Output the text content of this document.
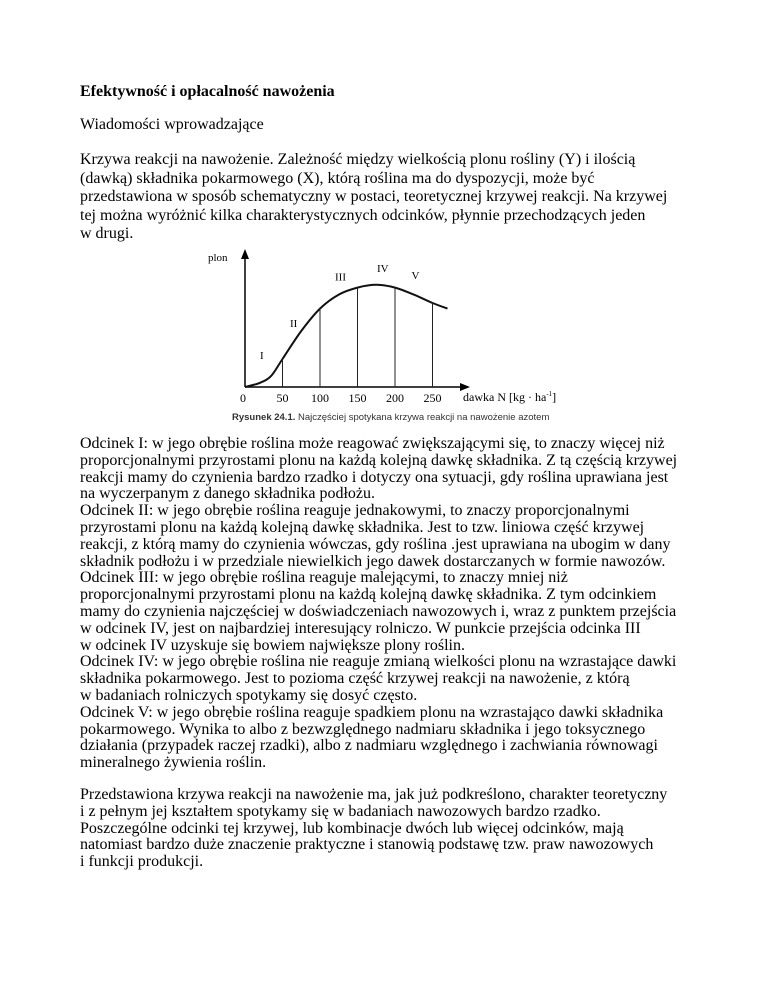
Efektywność i opłacalność nawożenia
Wiadomości wprowadzające
Krzywa reakcji na nawożenie. Zależność między wielkością plonu rośliny (Y) i ilością
(dawką) składnika pokarmowego (X), którą roślina ma do dyspozycji, może być
przedstawiona w sposób schematyczny w postaci, teoretycznej krzywej reakcji. Na krzywej
tej można wyróżnić kilka charakterystycznych odcinków, płynnie przechodzących jeden
w drugi.
I
II
III
IV
V
plon
0	50 100 150 200 250 dawka N $[kg \cdot ha^{-1}]$
Rysunek 24.1. Najczęściej spotykana krzywa reakcji na nawożenie azotem
Odcinek I: w jego obrębie roślina może reagować zwiększającymi się, to znaczy więcej niż
proporcjonalnymi przyrostami plonu na każdą kolejną dawkę składnika. Z tą częścią krzywej
reakcji mamy do czynienia bardzo rzadko i dotyczy ona sytuacji, gdy roślina uprawiana jest
na wyczerpanym z danego składnika podłożu.
Odcinek II: w jego obrębie roślina reaguje jednakowymi, to znaczy proporcjonalnymi
przyrostami plonu na każdą kolejną dawkę składnika. Jest to tzw. liniowa część krzywej
reakcji, z którą mamy do czynienia wówczas, gdy roślina .jest uprawiana na ubogim w dany
składnik podłożu i w przedziale niewielkich jego dawek dostarczanych w formie nawozów.
Odcinek III: w jego obrębie roślina reaguje malejącymi, to znaczy mniej niż
proporcjonalnymi przyrostami plonu na każdą kolejną dawkę składnika. Z tym odcinkiem
mamy do czynienia najczęściej w doświadczeniach nawozowych i, wraz z punktem przejścia
w odcinek IV, jest on najbardziej interesujący rolniczo. W punkcie przejścia odcinka III
w odcinek IV uzyskuje się bowiem największe plony roślin.
Odcinek IV: w jego obrębie roślina nie reaguje zmianą wielkości plonu na wzrastające dawki
składnika pokarmowego. Jest to pozioma część krzywej reakcji na nawożenie, z którą
w badaniach rolniczych spotykamy się dosyć często.
Odcinek V: w jego obrębie roślina reaguje spadkiem plonu na wzrastająco dawki składnika
pokarmowego. Wynika to albo z bezwzględnego nadmiaru składnika i jego toksycznego
działania (przypadek raczej rzadki), albo z nadmiaru względnego i zachwiania równowagi
mineralnego żywienia roślin.
Przedstawiona krzywa reakcji na nawożenie ma, jak już podkreślono, charakter teoretyczny
i z pełnym jej kształtem spotykamy się w badaniach nawozowych bardzo rzadko.
Poszczególne odcinki tej krzywej, lub kombinacje dwóch lub więcej odcinków, mają
natomiast bardzo duże znaczenie praktyczne i stanowią podstawę tzw. praw nawozowych
i funkcji produkcji.
